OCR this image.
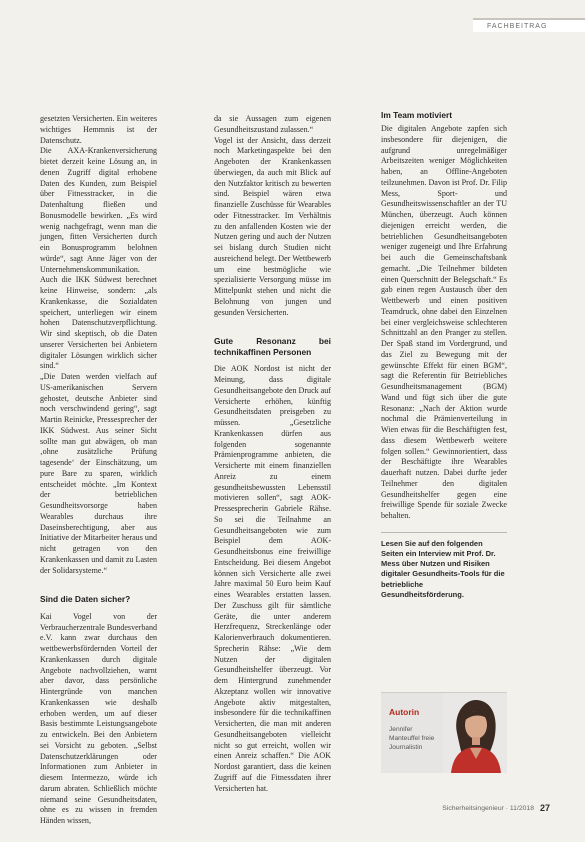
FACHBEITRAG

gesetzten Versicherten. Ein weiteres wichtiges Hemmnis ist der Datenschutz.

Die AXA-Krankenversicherung bietet derzeit keine Lösung an, in denen Zugriff digital erhobene Daten des Kunden, zum Beispiel über Fitnesstracker, in die Datenhaltung fließen und Bonusmodelle bewirken. „Es wird wenig nachgefragt, wenn man die jungen, fitten Versicherten durch ein Bonusprogramm belohnen würde“, sagt Anne Jäger von der Unternehmenskommunikation. Auch die IKK Südwest berechnet keine Hinweise, sondern: „als Krankenkasse, die Sozialdaten speichert, unterliegen wir einem hohen Datenschutzverpflichtung. Wir sind skeptisch, ob die Daten unserer Versicherten bei Anbietern digitaler Lösungen wirklich sicher sind.“

„Die Daten werden vielfach auf US-amerikanischen Servern gehostet, deutsche Anbieter sind noch verschwindend gering“, sagt Martin Reinicke, Pressesprecher der IKK Südwest. Aus seiner Sicht sollte man gut abwägen, ob man ‚ohne zusätzliche Prüfung tagesende‘ der Einschätzung, um pure Bare zu sparen, wirklich entscheidet möchte. „Im Kontext der betrieblichen Gesundheitsvorsorge haben Wearables durchaus ihre Daseinsberechtigung, aber aus Initiative der Mitarbeiter heraus und nicht getragen von den Krankenkassen und damit zu Lasten der Solidarsysteme.“

Sind die Daten sicher?

Kai Vogel von der Verbraucherzentrale Bundesverband e.V. kann zwar durchaus den wettbewerbsfördernden Vorteil der Krankenkassen durch digitale Angebote nachvollziehen, warnt aber davor, dass persönliche Hintergründe von manchen Krankenkassen wie deshalb erhoben werden, um auf dieser Basis bestimmte Leistungsangebote zu entwickeln. Bei den Anbietern sei Vorsicht zu geboten. „Selbst Datenschutzerklärungen oder Informationen zum Anbieter in diesem Intermezzo, würde ich darum abraten. Schließlich möchte niemand seine Gesundheitsdaten, ohne es zu wissen in fremden Händen wissen,

da sie Aussagen zum eigenen Gesundheitszustand zulassen.“

Vogel ist der Ansicht, dass derzeit noch Marketingaspekte bei den Angeboten der Krankenkassen überwiegen, da auch mit Blick auf den Nutzfaktor kritisch zu bewerten sind. Beispiel wären etwa finanzielle Zuschüsse für Wearables oder Fitnesstracker. Im Verhältnis zu den anfallenden Kosten wie der Nutzen gering und auch der Nutzen sei bislang durch Studien nicht ausreichend belegt. Der Wettbewerb um eine bestmögliche wie spezialisierte Versorgung müsse im Mittelpunkt stehen und nicht die Belohnung von jungen und gesunden Versicherten.

Gute Resonanz bei technikaffinen Personen

Die AOK Nordost ist nicht der Meinung, dass digitale Gesundheitsangebote den Druck auf Versicherte erhöhen, künftig Gesundheitsdaten preisgeben zu müssen. „Gesetzliche Krankenkassen dürfen aus folgenden sogenannte Prämienprogramme anbieten, die Versicherte mit einem finanziellen Anreiz zu einem gesundheitsbewussten Lebensstil motivieren sollen“, sagt AOK-Pressesprecherin Gabriele Rähse. So sei die Teilnahme an Gesundheitsangeboten wie zum Beispiel dem AOK-Gesundheitsbonus eine freiwillige Entscheidung. Bei diesem Angebot können sich Versicherte alle zwei Jahre maximal 50 Euro beim Kauf eines Wearables erstatten lassen. Der Zuschuss gilt für sämtliche Geräte, die unter anderem Herzfrequenz, Streckenlänge oder Kalorienverbrauch dokumentieren. Sprecherin Rähse: „Wie dem Nutzen der digitalen Gesundheitshelfer überzeugt. Vor dem Hintergrund zunehmender Akzeptanz wollen wir innovative Angebote aktiv mitgestalten, insbesondere für die technikaffinen Versicherten, die man mit anderen Gesundheitsangeboten vielleicht nicht so gut erreicht, wollen wir einen Anreiz schaffen.“ Die AOK Nordost garantiert, dass die keinen Zugriff auf die Fitnessdaten ihrer Versicherten hat.

Im Team motiviert

Die digitalen Angebote zapfen sich insbesondere für diejenigen, die aufgrund unregelmäßiger Arbeitszeiten weniger Möglichkeiten haben, an Offline-Angeboten teilzunehmen. Davon ist Prof. Dr. Filip Mess, Sport- und Gesundheitswissenschaftler an der TU München, überzeugt. Auch können diejenigen erreicht werden, die betrieblichen Gesundheitsangeboten weniger zugeneigt und Ihre Erfahrung bei auch die Gemeinschaftsbank gemacht. „Die Teilnehmer bildeten einen Querschnitt der Belegschaft.“ Es gab einen regen Austausch über den Wettbewerb und einen positiven Teamdruck, ohne dabei den Einzelnen bei einer vergleichsweise schlechteren Schnittzahl an den Pranger zu stellen. Der Spaß stand im Vordergrund, und das Ziel zu Bewegung mit der gewünschte Effekt für einen BGM“, sagt die Referentin für Betriebliches Gesundheitsmanagement (BGM) Wand und fügt sich über die gute Resonanz: „Nach der Aktion wurde nochmal die Prämienverteilung in Wien etwas für die Beschäftigten fest, dass diesem Wettbewerb weitere folgen sollen.“ Gewinnorientiert, dass der Beschäftigte ihre Wearables dauerhaft nutzen. Dabei durfte jeder Teilnehmer den digitalen Gesundheitshelfer gegen eine freiwillige Spende für soziale Zwecke behalten.

Lesen Sie auf den folgenden Seiten ein Interview mit Prof. Dr. Mess über Nutzen und Risiken digitaler Gesundheits-Tools für die betriebliche Gesundheitsförderung.

Autorin
Jennifer Manteuffel freie Journalistin
Sicherheitsingenieur · 11/2018 27
